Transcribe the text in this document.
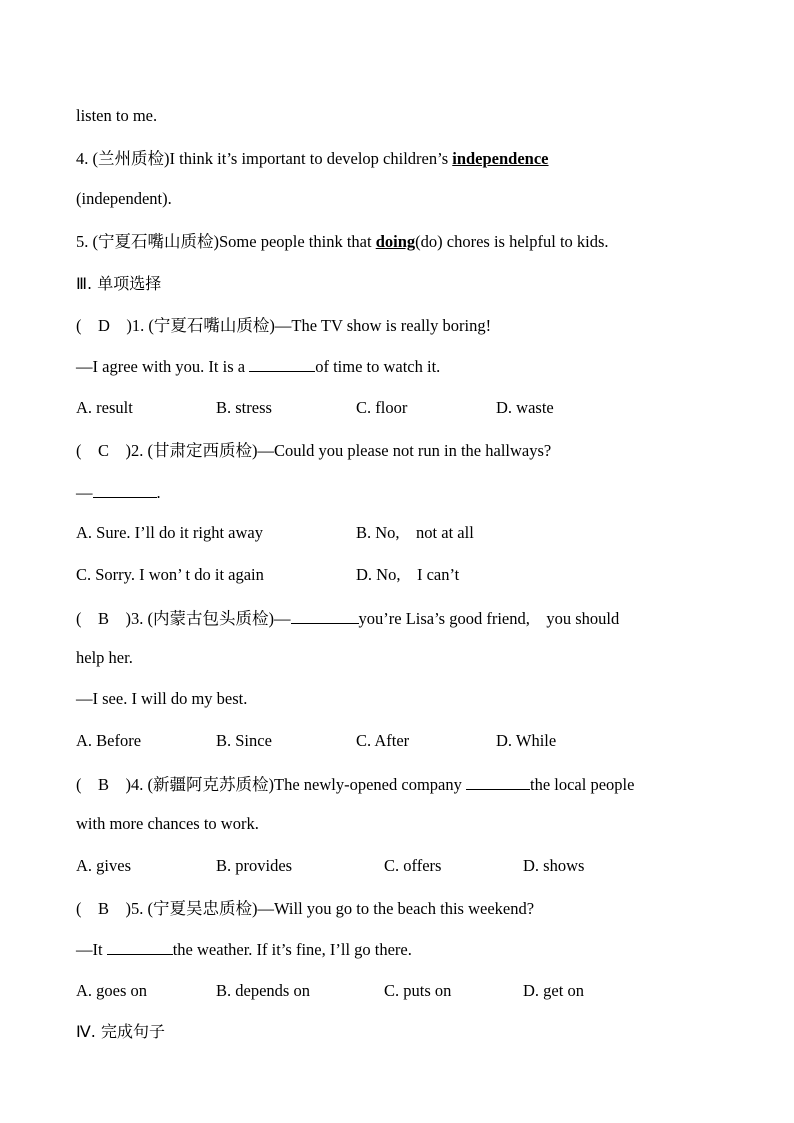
listen to me.
4. (兰州质检)I think it’s important to develop children’s independence
(independent).
5. (宁夏石嘴山质检)Some people think that doing(do) chores is helpful to kids.
Ⅲ. 单项选择
(    D )1. (宁夏石嘴山质检)—The TV show is really boring!
—I agree with you. It is a	of time to watch it.
A. result	B. stress	C. floor	D. waste
(    C )2. (甘肃定西质检)—Could you please not run in the hallways?
—	.
A. Sure. I’ll do it right away	B. No,    not at all
C. Sorry. I won’ t do it again	D. No,    I can’t
(    B )3. (内蒙古包头质检)—	you’re Lisa’s good friend,    you should
help her.
—I see. I will do my best.
A. Before	B. Since	C. After	D. While
(    B )4. (新疆阿克苏质检)The newly-opened company	the local people
with more chances to work.
A. gives	B. provides	C. offers	D. shows
(    B )5. (宁夏吴忠质检)—Will you go to the beach this weekend?
—It	the weather. If it’s fine, I’ll go there.
A. goes on	B. depends on	C. puts on	D. get on
Ⅳ. 完成句子
